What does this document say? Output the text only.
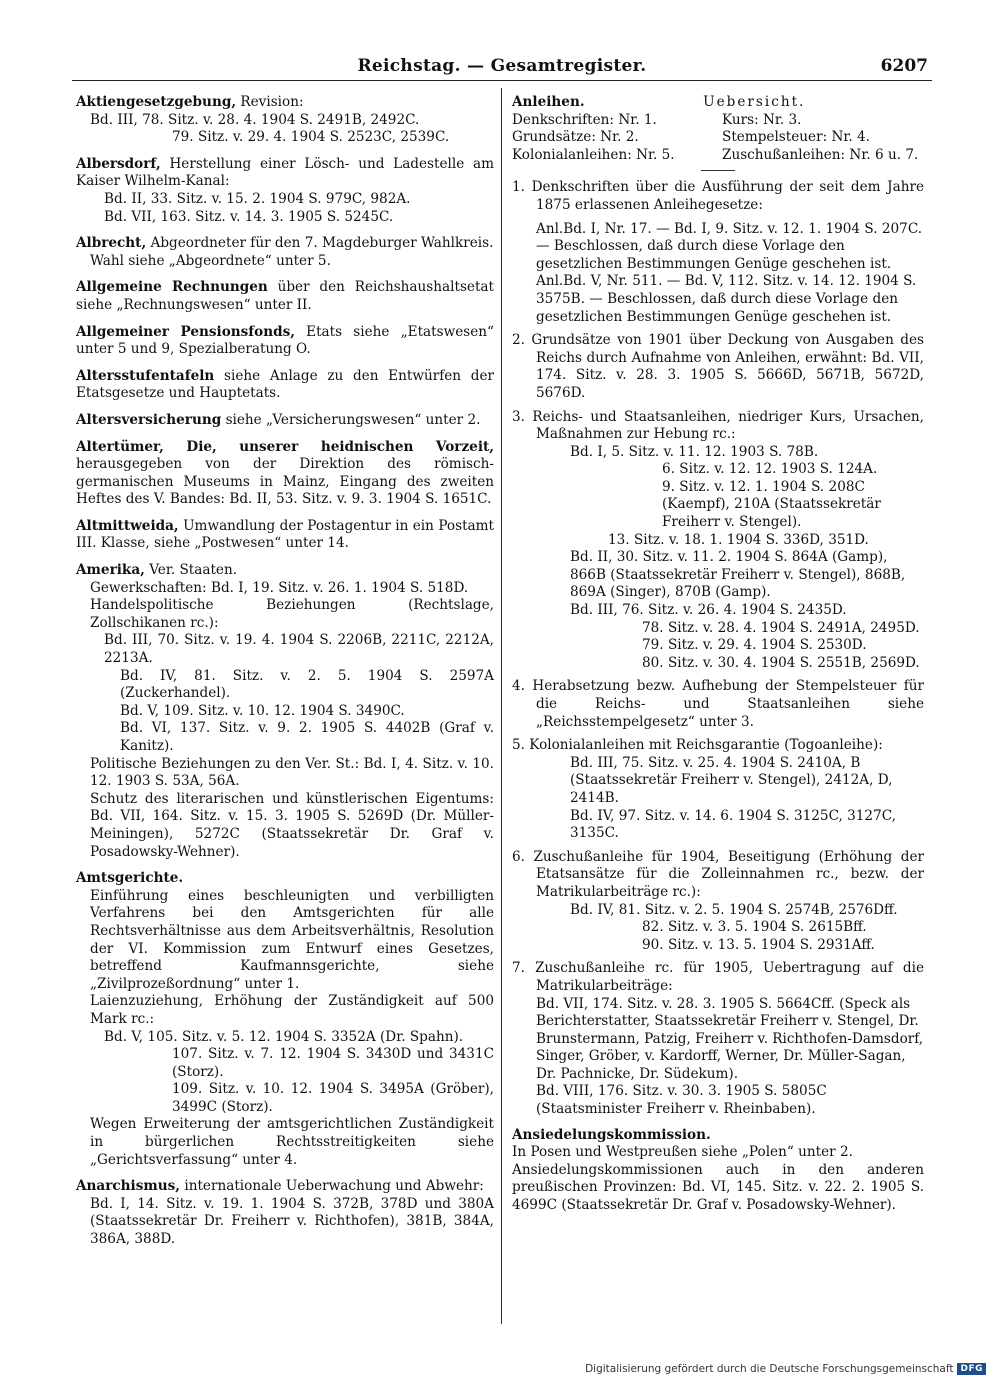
Reichstag. — Gesamtregister.	6207

Aktiengesetzgebung, Revision:

Bd. III, 78. Sitz. v. 28. 4. 1904 S. 2491B, 2492C.

79. Sitz. v. 29. 4. 1904 S. 2523C, 2539C.

Albersdorf, Herstellung einer Lösch- und Ladestelle am Kaiser Wilhelm-Kanal:

Bd. II, 33. Sitz. v. 15. 2. 1904 S. 979C, 982A.

Bd. VII, 163. Sitz. v. 14. 3. 1905 S. 5245C.

Albrecht, Abgeordneter für den 7. Magdeburger Wahlkreis.

Wahl siehe „Abgeordnete“ unter 5.

Allgemeine Rechnungen über den Reichshaushaltsetat siehe „Rechnungswesen“ unter II.

Allgemeiner Pensionsfonds, Etats siehe „Etatswesen“ unter 5 und 9, Spezialberatung O.

Altersstufentafeln siehe Anlage zu den Entwürfen der Etatsgesetze und Hauptetats.

Altersversicherung siehe „Versicherungswesen“ unter 2.

Altertümer, Die, unserer heidnischen Vorzeit, herausgegeben von der Direktion des römisch-germanischen Museums in Mainz, Eingang des zweiten Heftes des V. Bandes: Bd. II, 53. Sitz. v. 9. 3. 1904 S. 1651C.

Altmittweida, Umwandlung der Postagentur in ein Postamt III. Klasse, siehe „Postwesen“ unter 14.

Amerika, Ver. Staaten.

Gewerkschaften: Bd. I, 19. Sitz. v. 26. 1. 1904 S. 518D.

Handelspolitische Beziehungen (Rechtslage, Zollschikanen rc.):

Bd. III, 70. Sitz. v. 19. 4. 1904 S. 2206B, 2211C, 2212A, 2213A.

Bd. IV, 81. Sitz. v. 2. 5. 1904 S. 2597A (Zuckerhandel).

Bd. V, 109. Sitz. v. 10. 12. 1904 S. 3490C.

Bd. VI, 137. Sitz. v. 9. 2. 1905 S. 4402B (Graf v. Kanitz).

Politische Beziehungen zu den Ver. St.: Bd. I, 4. Sitz. v. 10. 12. 1903 S. 53A, 56A.

Schutz des literarischen und künstlerischen Eigentums: Bd. VII, 164. Sitz. v. 15. 3. 1905 S. 5269D (Dr. Müller-Meiningen), 5272C (Staatssekretär Dr. Graf v. Posadowsky-Wehner).

Amtsgerichte.

Einführung eines beschleunigten und verbilligten Verfahrens bei den Amtsgerichten für alle Rechtsverhältnisse aus dem Arbeitsverhältnis, Resolution der VI. Kommission zum Entwurf eines Gesetzes, betreffend Kaufmannsgerichte, siehe „Zivilprozeßordnung“ unter 1.

Laienzuziehung, Erhöhung der Zuständigkeit auf 500 Mark rc.:

Bd. V, 105. Sitz. v. 5. 12. 1904 S. 3352A (Dr. Spahn).

107. Sitz. v. 7. 12. 1904 S. 3430D und 3431C (Storz).

109. Sitz. v. 10. 12. 1904 S. 3495A (Gröber), 3499C (Storz).

Wegen Erweiterung der amtsgerichtlichen Zuständigkeit in bürgerlichen Rechtsstreitigkeiten siehe „Gerichtsverfassung“ unter 4.

Anarchismus, internationale Ueberwachung und Abwehr:

Bd. I, 14. Sitz. v. 19. 1. 1904 S. 372B, 378D und 380A (Staatssekretär Dr. Freiherr v. Richthofen), 381B, 384A, 386A, 388D.

Anleihen.	Uebersicht.
Denkschriften: Nr. 1.	Kurs: Nr. 3.
Grundsätze: Nr. 2.	Stempelsteuer: Nr. 4.
Kolonialanleihen: Nr. 5.	Zuschußanleihen: Nr. 6 u. 7.
1. Denkschriften über die Ausführung der seit dem Jahre 1875 erlassenen Anleihegesetze:

Anl.Bd. I, Nr. 17. — Bd. I, 9. Sitz. v. 12. 1. 1904 S. 207C. — Beschlossen, daß durch diese Vorlage den gesetzlichen Bestimmungen Genüge geschehen ist.

Anl.Bd. V, Nr. 511. — Bd. V, 112. Sitz. v. 14. 12. 1904 S. 3575B. — Beschlossen, daß durch diese Vorlage den gesetzlichen Bestimmungen Genüge geschehen ist.

2. Grundsätze von 1901 über Deckung von Ausgaben des Reichs durch Aufnahme von Anleihen, erwähnt: Bd. VII, 174. Sitz. v. 28. 3. 1905 S. 5666D, 5671B, 5672D, 5676D.
3. Reichs- und Staatsanleihen, niedriger Kurs, Ursachen, Maßnahmen zur Hebung rc.:

Bd. I, 5. Sitz. v. 11. 12. 1903 S. 78B.

6. Sitz. v. 12. 12. 1903 S. 124A.

9. Sitz. v. 12. 1. 1904 S. 208C (Kaempf), 210A (Staatssekretär Freiherr v. Stengel).

13. Sitz. v. 18. 1. 1904 S. 336D, 351D.

Bd. II, 30. Sitz. v. 11. 2. 1904 S. 864A (Gamp), 866B (Staatssekretär Freiherr v. Stengel), 868B, 869A (Singer), 870B (Gamp).

Bd. III, 76. Sitz. v. 26. 4. 1904 S. 2435D.

78. Sitz. v. 28. 4. 1904 S. 2491A, 2495D.

79. Sitz. v. 29. 4. 1904 S. 2530D.

80. Sitz. v. 30. 4. 1904 S. 2551B, 2569D.

4. Herabsetzung bezw. Aufhebung der Stempelsteuer für die Reichs- und Staatsanleihen siehe „Reichsstempelgesetz“ unter 3.
5. Kolonialanleihen mit Reichsgarantie (Togoanleihe):

Bd. III, 75. Sitz. v. 25. 4. 1904 S. 2410A, B (Staatssekretär Freiherr v. Stengel), 2412A, D, 2414B.

Bd. IV, 97. Sitz. v. 14. 6. 1904 S. 3125C, 3127C, 3135C.

6. Zuschußanleihe für 1904, Beseitigung (Erhöhung der Etatsansätze für die Zolleinnahmen rc., bezw. der Matrikularbeiträge rc.):

Bd. IV, 81. Sitz. v. 2. 5. 1904 S. 2574B, 2576Dff.

82. Sitz. v. 3. 5. 1904 S. 2615Bff.

90. Sitz. v. 13. 5. 1904 S. 2931Aff.

7. Zuschußanleihe rc. für 1905, Uebertragung auf die Matrikularbeiträge:

Bd. VII, 174. Sitz. v. 28. 3. 1905 S. 5664Cff. (Speck als Berichterstatter, Staatssekretär Freiherr v. Stengel, Dr. Brunstermann, Patzig, Freiherr v. Richthofen-Damsdorf, Singer, Gröber, v. Kardorff, Werner, Dr. Müller-Sagan, Dr. Pachnicke, Dr. Südekum).

Bd. VIII, 176. Sitz. v. 30. 3. 1905 S. 5805C (Staatsminister Freiherr v. Rheinbaben).

Ansiedelungskommission.

In Posen und Westpreußen siehe „Polen“ unter 2.

Ansiedelungskommissionen auch in den anderen preußischen Provinzen: Bd. VI, 145. Sitz. v. 22. 2. 1905 S. 4699C (Staatssekretär Dr. Graf v. Posadowsky-Wehner).

Digitalisierung gefördert durch die Deutsche Forschungsgemeinschaft DFG
